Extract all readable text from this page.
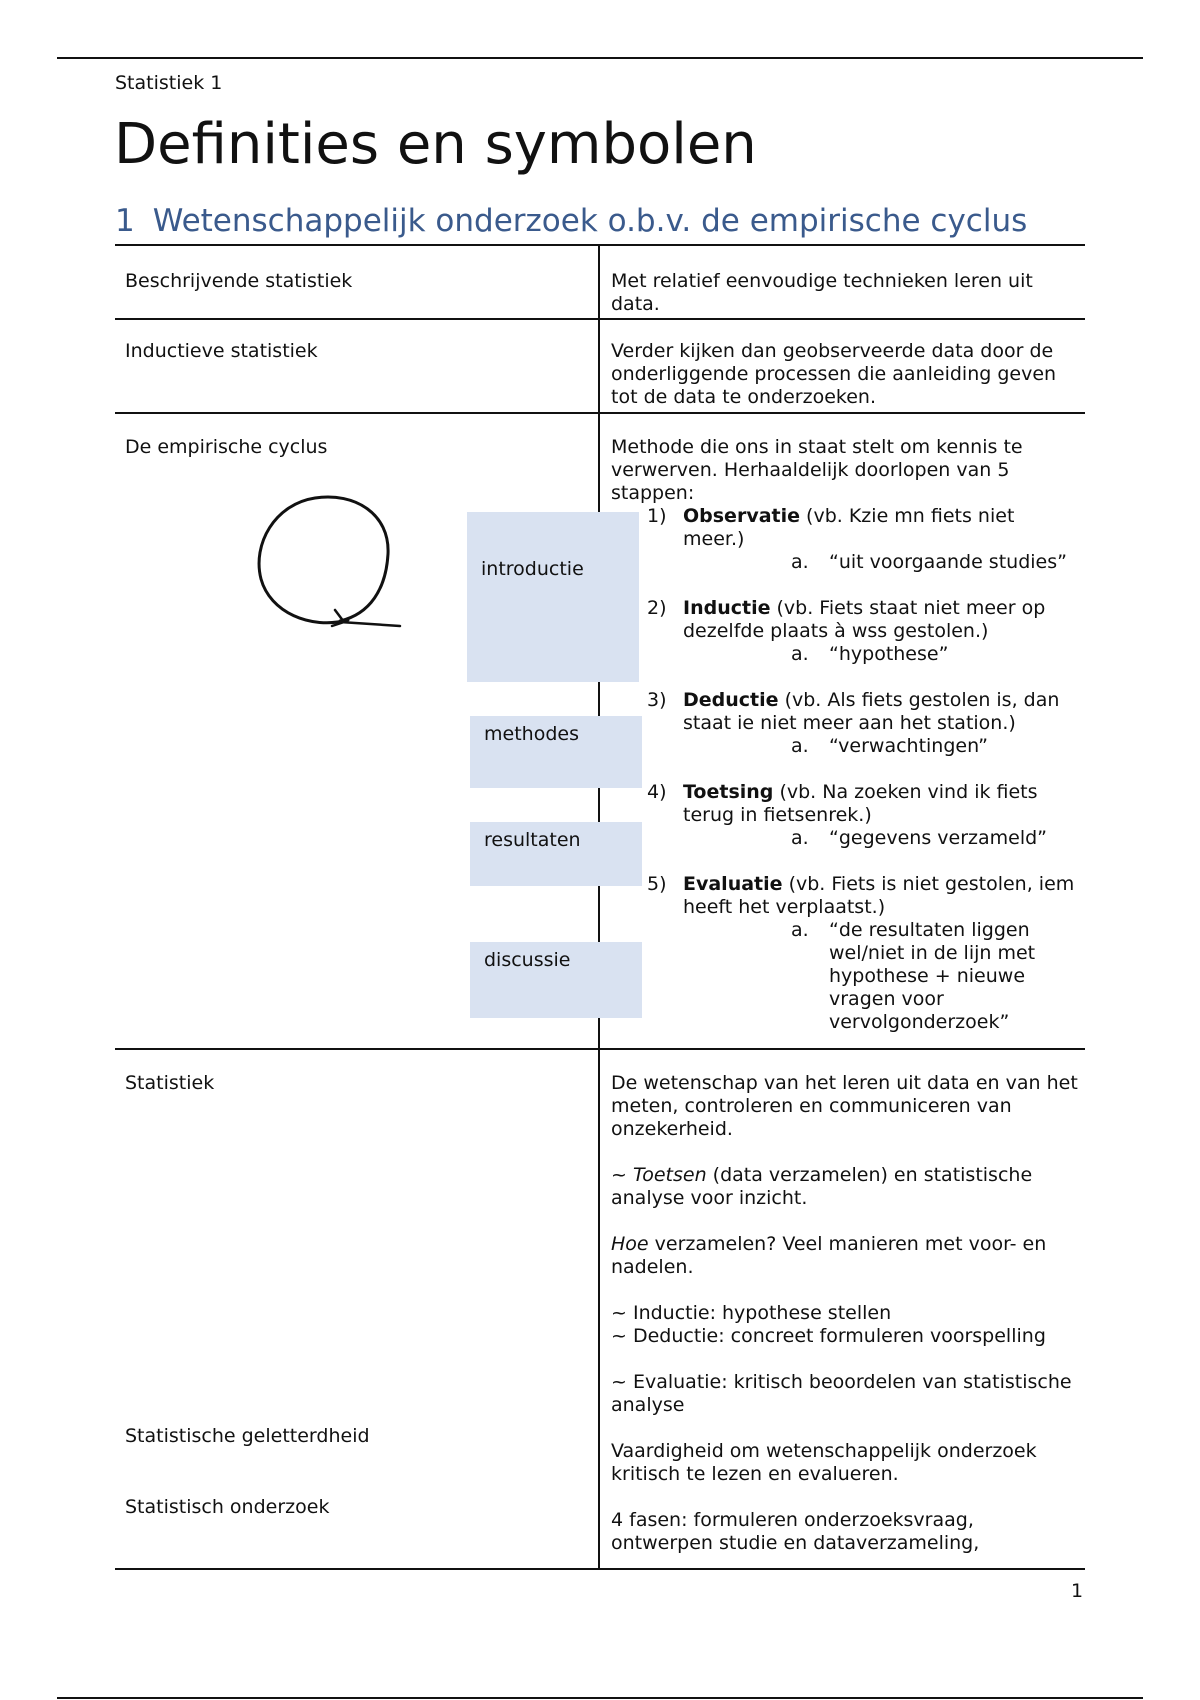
Statistiek 1
Definities en symbolen
1 Wetenschappelijk onderzoek o.b.v. de empirische cyclus
Beschrijvende statistiek	Met relatief eenvoudige technieken leren uit data.
Inductieve statistiek	Verder kijken dan geobserveerde data door de onderliggende processen die aanleiding geven tot de data te onderzoeken.
De empirische cyclus
introductie
methodes
resultaten
discussie

Methode die ons in staat stelt om kennis te verwerven. Herhaaldelijk doorlopen van 5 stappen:

1) Observatie (vb. Kzie mn fiets niet meer.)
a. “uit voorgaande studies”
2) Inductie (vb. Fiets staat niet meer op dezelfde plaats à wss gestolen.)
a. “hypothese”
3) Deductie (vb. Als fiets gestolen is, dan staat ie niet meer aan het station.)
a. “verwachtingen”
4) Toetsing (vb. Na zoeken vind ik fiets terug in fietsenrek.)
a. “gegevens verzameld”
5) Evaluatie (vb. Fiets is niet gestolen, iem heeft het verplaatst.)
a. “de resultaten liggen wel/niet in de lijn met hypothese + nieuwe vragen voor vervolgonderzoek”
Statistiek
Statistische geletterdheid
Statistisch onderzoek

De wetenschap van het leren uit data en van het meten, controleren en communiceren van onzekerheid.

~ Toetsen (data verzamelen) en statistische analyse voor inzicht.

Hoe verzamelen? Veel manieren met voor- en nadelen.

~ Inductie: hypothese stellen

~ Deductie: concreet formuleren voorspelling

~ Evaluatie: kritisch beoordelen van statistische analyse

Vaardigheid om wetenschappelijk onderzoek kritisch te lezen en evalueren.

4 fasen: formuleren onderzoeksvraag, ontwerpen studie en dataverzameling,

1
